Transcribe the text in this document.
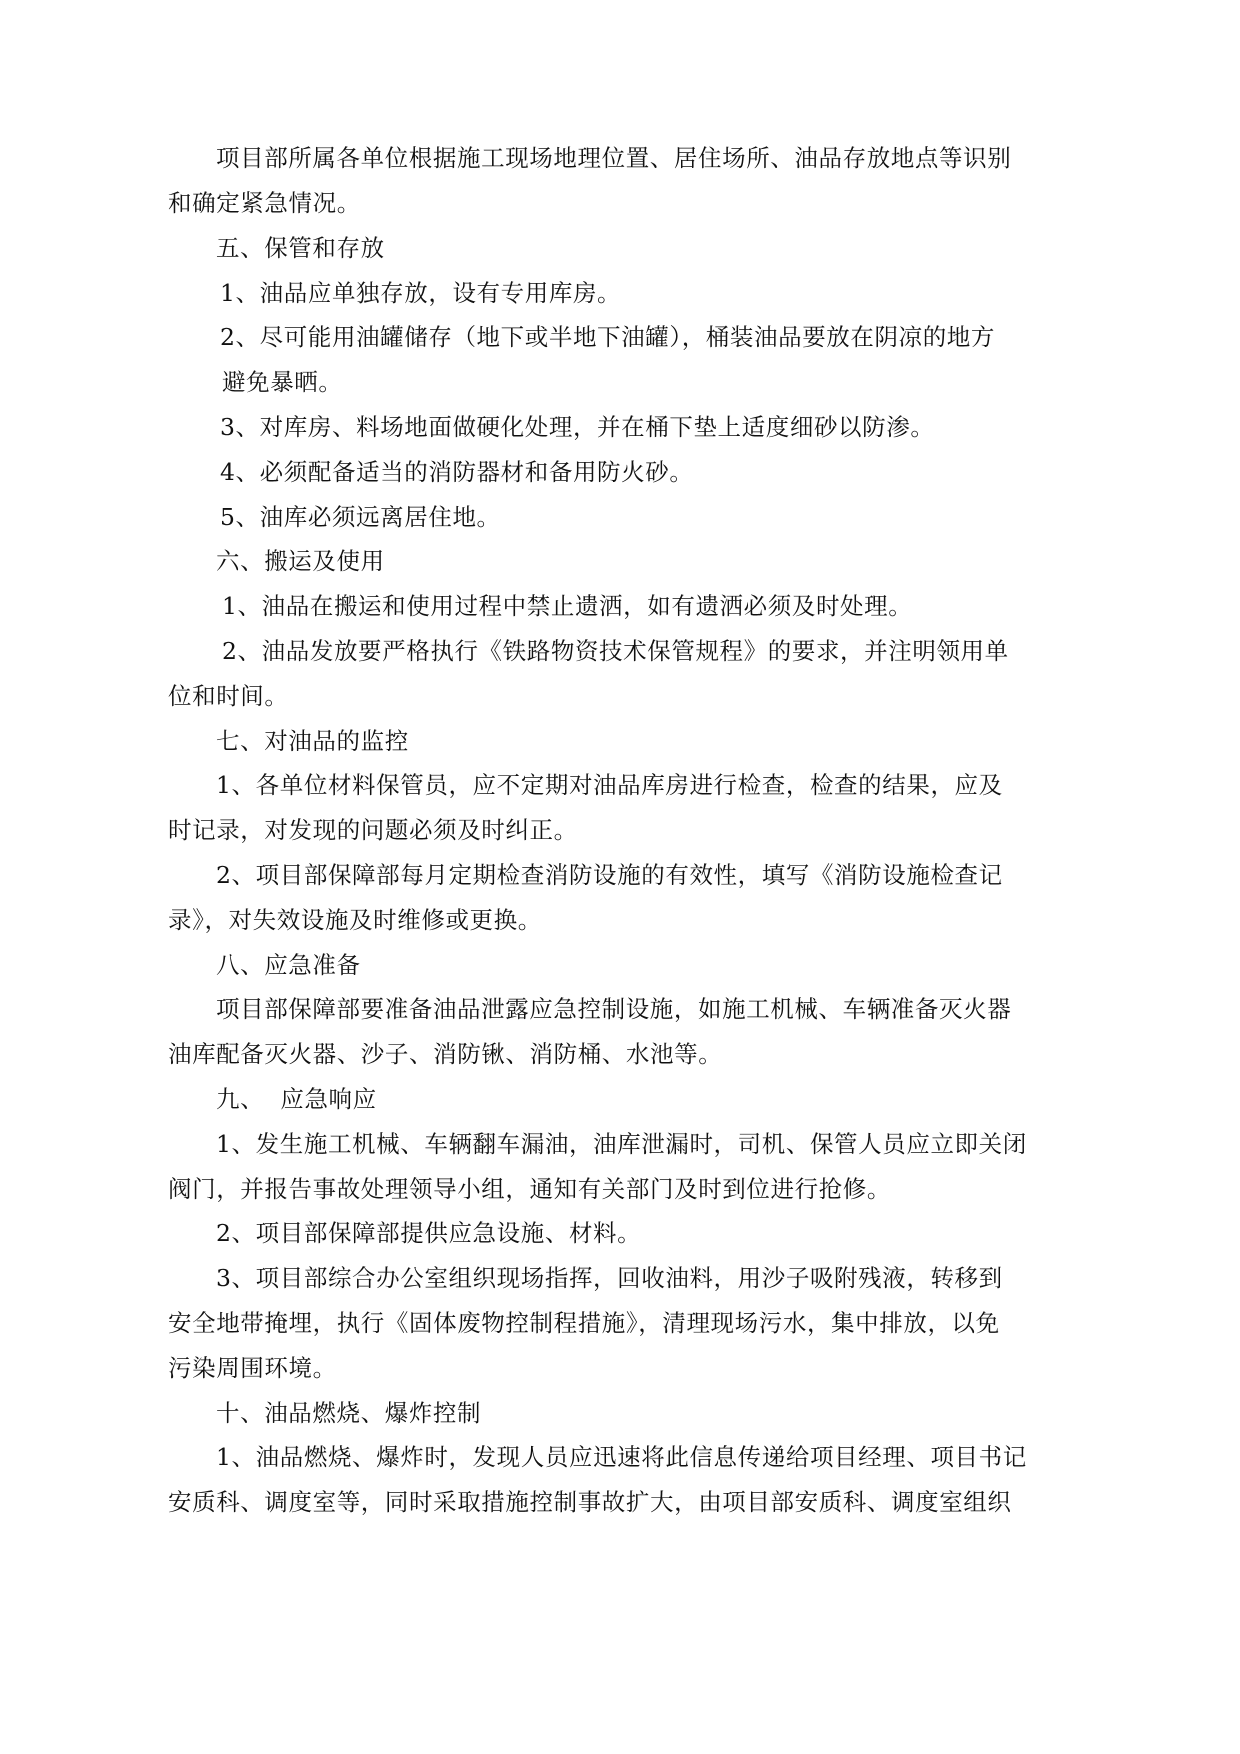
项目部所属各单位根据施工现场地理位置、居住场所、油品存放地点等识别

和确定紧急情况。

五、保管和存放

1、油品应单独存放，设有专用库房。

2、尽可能用油罐储存（地下或半地下油罐），桶装油品要放在阴凉的地方

避免暴晒。

3、对库房、料场地面做硬化处理，并在桶下垫上适度细砂以防渗。

4、必须配备适当的消防器材和备用防火砂。

5、油库必须远离居住地。

六、搬运及使用

1、油品在搬运和使用过程中禁止遗洒，如有遗洒必须及时处理。

2、油品发放要严格执行《铁路物资技术保管规程》的要求，并注明领用单

位和时间。

七、对油品的监控

1、各单位材料保管员，应不定期对油品库房进行检查，检查的结果，应及

时记录，对发现的问题必须及时纠正。

2、项目部保障部每月定期检查消防设施的有效性，填写《消防设施检查记

录》，对失效设施及时维修或更换。

八、应急准备

项目部保障部要准备油品泄露应急控制设施，如施工机械、车辆准备灭火器

油库配备灭火器、沙子、消防锹、消防桶、水池等。

九、  应急响应

1、发生施工机械、车辆翻车漏油，油库泄漏时，司机、保管人员应立即关闭

阀门，并报告事故处理领导小组，通知有关部门及时到位进行抢修。

2、项目部保障部提供应急设施、材料。

3、项目部综合办公室组织现场指挥，回收油料，用沙子吸附残液，转移到

安全地带掩埋，执行《固体废物控制程措施》，清理现场污水，集中排放，以免

污染周围环境。

十、油品燃烧、爆炸控制

1、油品燃烧、爆炸时，发现人员应迅速将此信息传递给项目经理、项目书记

安质科、调度室等，同时采取措施控制事故扩大，由项目部安质科、调度室组织
